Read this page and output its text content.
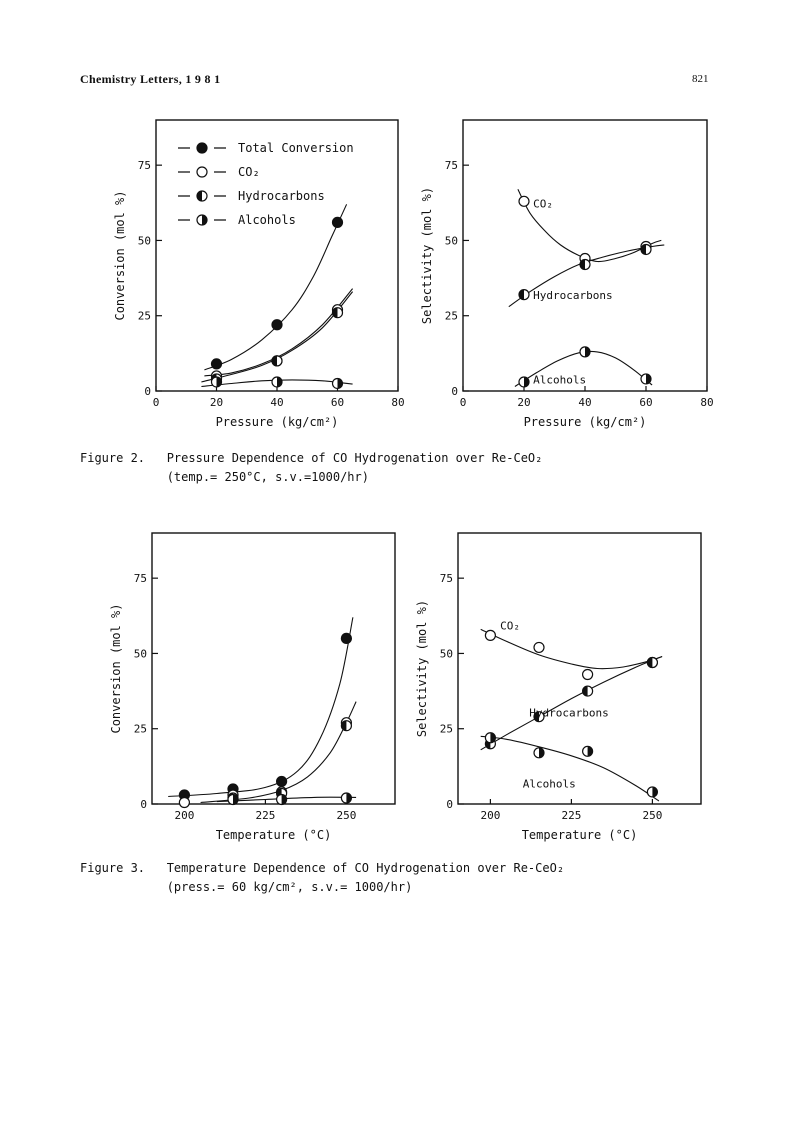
Chemistry Letters, 1 9 8 1	821
0
25
50
75
0	20	40	60	80
Pressure (kg/cm²)
Conversion (mol %)
Total Conversion
CO₂
Hydrocarbons
Alcohols
0
25
50
75
0	20	40	60	80
Pressure (kg/cm²)
Selectivity (mol %)	CO₂
Hydrocarbons
Alcohols
Figure 2.   Pressure Dependence of CO Hydrogenation over Re-CeO₂
(temp.= 250°C, s.v.=1000/hr)
0
25
50
75
200	225	250
Temperature (°C)
Conversion (mol %)
0
25
50
75
200	225	250
Temperature (°C)
Selectivity (mol %)	CO₂
Hydrocarbons
Alcohols
Figure 3.   Temperature Dependence of CO Hydrogenation over Re-CeO₂
(press.= 60 kg/cm², s.v.= 1000/hr)
